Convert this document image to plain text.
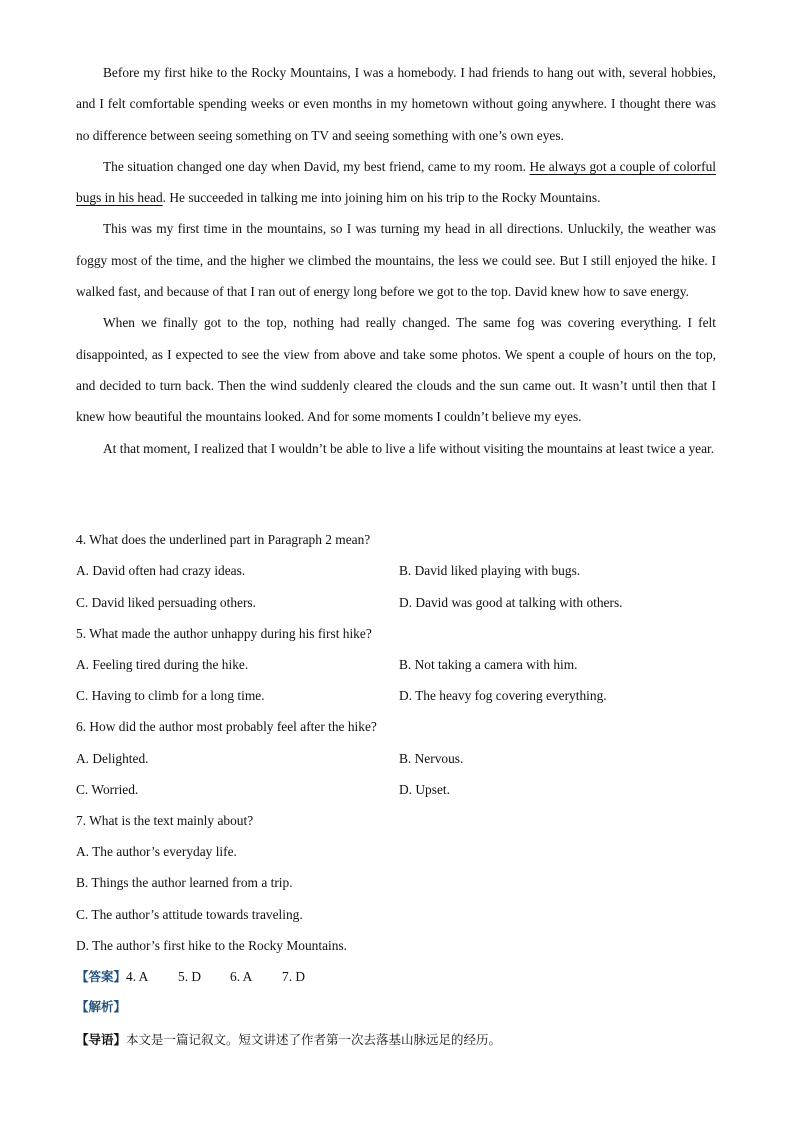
Before my first hike to the Rocky Mountains, I was a homebody. I had friends to hang out with, several hobbies, and I felt comfortable spending weeks or even months in my hometown without going anywhere. I thought there was no difference between seeing something on TV and seeing something with one’s own eyes.

The situation changed one day when David, my best friend, came to my room. He always got a couple of colorful bugs in his head. He succeeded in talking me into joining him on his trip to the Rocky Mountains.

This was my first time in the mountains, so I was turning my head in all directions. Unluckily, the weather was foggy most of the time, and the higher we climbed the mountains, the less we could see. But I still enjoyed the hike. I walked fast, and because of that I ran out of energy long before we got to the top. David knew how to save energy.

When we finally got to the top, nothing had really changed. The same fog was covering everything. I felt disappointed, as I expected to see the view from above and take some photos. We spent a couple of hours on the top, and decided to turn back. Then the wind suddenly cleared the clouds and the sun came out. It wasn’t until then that I knew how beautiful the mountains looked. And for some moments I couldn’t believe my eyes.

At that moment, I realized that I wouldn’t be able to live a life without visiting the mountains at least twice a year.

4. What does the underlined part in Paragraph 2 mean?
A. David often had crazy ideas.	B. David liked playing with bugs.
C. David liked persuading others.	D. David was good at talking with others.
5. What made the author unhappy during his first hike?
A. Feeling tired during the hike.	B. Not taking a camera with him.
C. Having to climb for a long time.	D. The heavy fog covering everything.
6. How did the author most probably feel after the hike?
A. Delighted.	B. Nervous.
C. Worried.	D. Upset.
7. What is the text mainly about?
A. The author’s everyday life.
B. Things the author learned from a trip.
C. The author’s attitude towards traveling.
D. The author’s first hike to the Rocky Mountains.
【答案】4. A 5. D 6. A 7. D
【解析】
【导语】本文是一篇记叙文。短文讲述了作者第一次去落基山脉远足的经历。
